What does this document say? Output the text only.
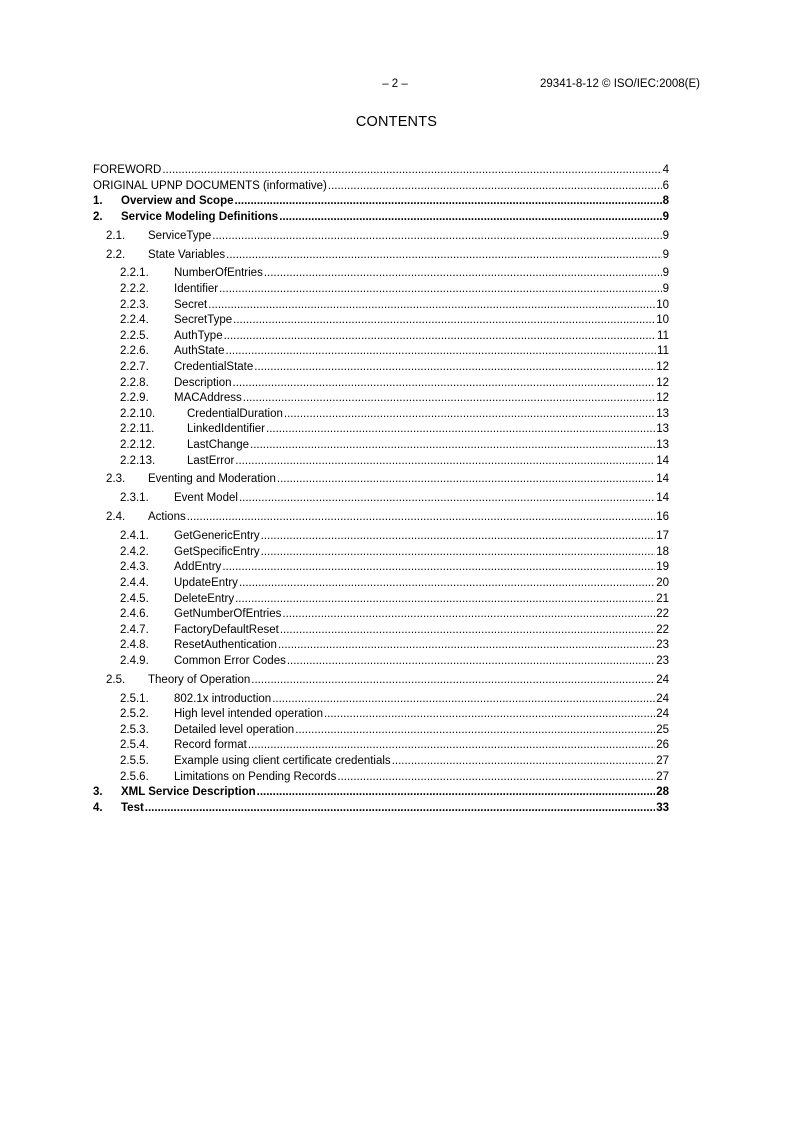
– 2 –	29341-8-12 © ISO/IEC:2008(E)
CONTENTS
FOREWORD .....	4
ORIGINAL UPNP DOCUMENTS (informative) .....	6
1.	Overview and Scope .....	8
2.	Service Modeling Definitions .....	9
2.1.	ServiceType .....	9
2.2.	State Variables .....	9
2.2.1.	NumberOfEntries .....	9
2.2.2.	Identifier .....	9
2.2.3.	Secret .....	10
2.2.4.	SecretType .....	10
2.2.5.	AuthType .....	11
2.2.6.	AuthState .....	11
2.2.7.	CredentialState .....	12
2.2.8.	Description .....	12
2.2.9.	MACAddress .....	12
2.2.10.	CredentialDuration .....	13
2.2.11.	LinkedIdentifier .....	13
2.2.12.	LastChange .....	13
2.2.13.	LastError .....	14
2.3.	Eventing and Moderation .....	14
2.3.1.	Event Model .....	14
2.4.	Actions .....	16
2.4.1.	GetGenericEntry .....	17
2.4.2.	GetSpecificEntry .....	18
2.4.3.	AddEntry .....	19
2.4.4.	UpdateEntry .....	20
2.4.5.	DeleteEntry .....	21
2.4.6.	GetNumberOfEntries .....	22
2.4.7.	FactoryDefaultReset .....	22
2.4.8.	ResetAuthentication .....	23
2.4.9.	Common Error Codes .....	23
2.5.	Theory of Operation .....	24
2.5.1.	802.1x introduction .....	24
2.5.2.	High level intended operation .....	24
2.5.3.	Detailed level operation .....	25
2.5.4.	Record format .....	26
2.5.5.	Example using client certificate credentials .....	27
2.5.6.	Limitations on Pending Records .....	27
3.	XML Service Description .....	28
4.	Test .....	33
